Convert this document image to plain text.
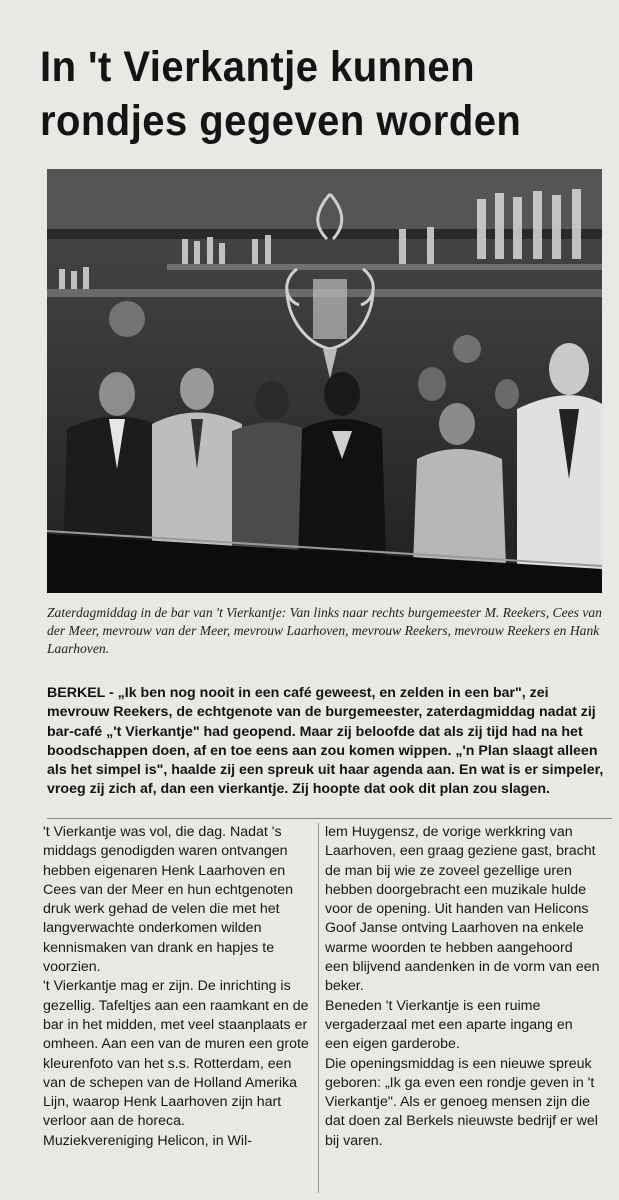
In 't Vierkantje kunnen
rondjes gegeven worden
Zaterdagmiddag in de bar van 't Vierkantje: Van links naar rechts burgemeester M. Reekers, Cees van der Meer, mevrouw van der Meer, mevrouw Laarhoven, mevrouw Reekers, mevrouw Reekers en Hank Laarhoven.
BERKEL - „Ik ben nog nooit in een café geweest, en zelden in een bar", zei mevrouw Reekers, de echtgenote van de burgemeester, zaterdagmiddag nadat zij bar-café „'t Vierkantje" had geopend. Maar zij beloofde dat als zij tijd had na het boodschappen doen, af en toe eens aan zou komen wippen. „'n Plan slaagt alleen als het simpel is", haalde zij een spreuk uit haar agenda aan. En wat is er simpeler, vroeg zij zich af, dan een vierkantje. Zij hoopte dat ook dit plan zou slagen.

't Vierkantje was vol, die dag. Nadat 's middags genodigden waren ontvangen hebben eigenaren Henk Laarhoven en Cees van der Meer en hun echtgenoten druk werk gehad de velen die met het langverwachte onderkomen wilden kennismaken van drank en hapjes te voorzien.

't Vierkantje mag er zijn. De inrichting is gezellig. Tafeltjes aan een raamkant en de bar in het midden, met veel staanplaats er omheen. Aan een van de muren een grote kleurenfoto van het s.s. Rotterdam, een van de schepen van de Holland Amerika Lijn, waarop Henk Laarhoven zijn hart verloor aan de horeca.

Muziekvereniging Helicon, in Wil-

lem Huygensz, de vorige werkkring van Laarhoven, een graag geziene gast, bracht de man bij wie ze zoveel gezellige uren hebben doorgebracht een muzikale hulde voor de opening. Uit handen van Helicons Goof Janse ontving Laarhoven na enkele warme woorden te hebben aangehoord een blijvend aandenken in de vorm van een beker.

Beneden 't Vierkantje is een ruime vergaderzaal met een aparte ingang en een eigen garderobe.

Die openingsmiddag is een nieuwe spreuk geboren: „Ik ga even een rondje geven in 't Vierkantje". Als er genoeg mensen zijn die dat doen zal Berkels nieuwste bedrijf er wel bij varen.
